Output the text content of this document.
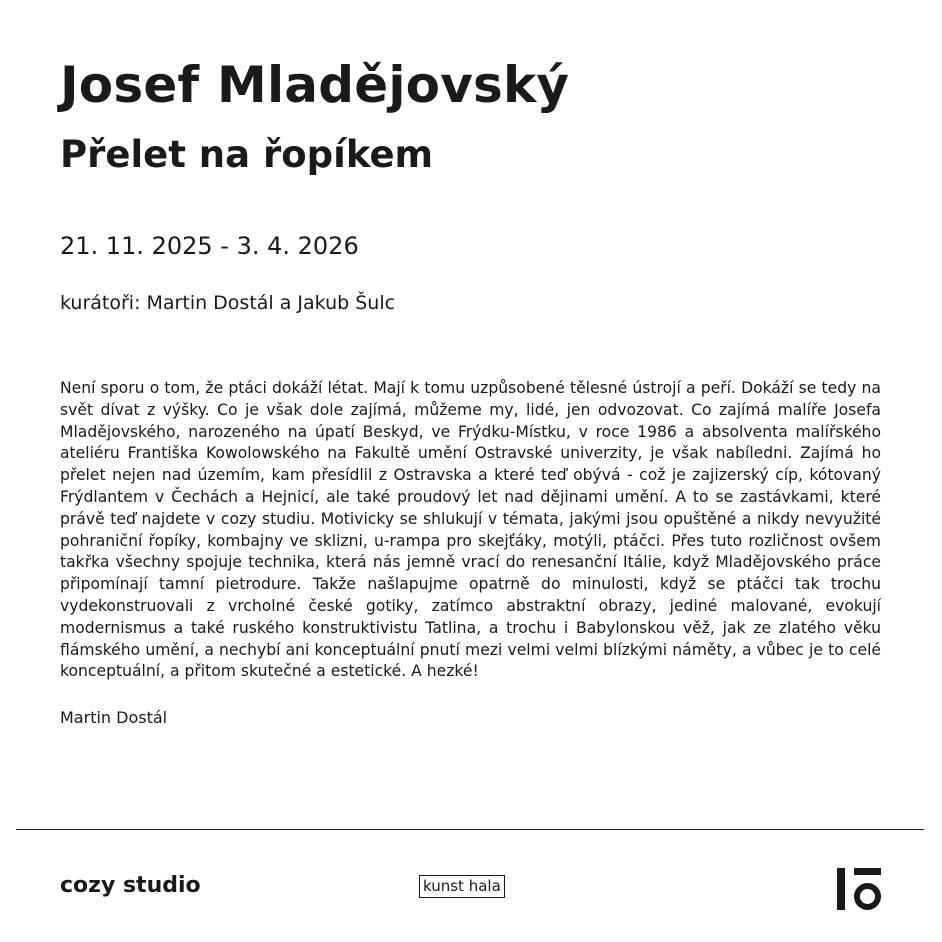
Josef Mladějovský
Přelet na řopíkem
21. 11. 2025 - 3. 4. 2026
kurátoři: Martin Dostál a Jakub Šulc

Není sporu o tom, že ptáci dokáží létat. Mají k tomu uzpůsobené tělesné ústrojí a peří. Dokáží se tedy na svět dívat z výšky. Co je však dole zajímá, můžeme my, lidé, jen odvozovat. Co zajímá malíře Josefa Mladějovského, narozeného na úpatí Beskyd, ve Frýdku-Místku, v roce 1986 a absolventa malířského ateliéru Františka Kowolowského na Fakultě umění Ostravské univerzity, je však nabíledni. Zajímá ho přelet nejen nad územím, kam přesídlil z Ostravska a které teď obývá - což je zajizerský cíp, kótovaný Frýdlantem v Čechách a Hejnicí, ale také proudový let nad dějinami umění. A to se zastávkami, které právě teď najdete v cozy studiu. Motivicky se shlukují v témata, jakými jsou opuštěné a nikdy nevyužité pohraniční řopíky, kombajny ve sklizni, u-rampa pro skejťáky, motýli, ptáčci. Přes tuto rozličnost ovšem takřka všechny spojuje technika, která nás jemně vrací do renesanční Itálie, když Mladějovského práce připomínají tamní pietrodure. Takže našlapujme opatrně do minulosti, když se ptáčci tak trochu vydekonstruovali z vrcholné české gotiky, zatímco abstraktní obrazy, jediné malované, evokují modernismus a také ruského konstruktivistu Tatlina, a trochu i Babylonskou věž, jak ze zlatého věku flámského umění, a nechybí ani konceptuální pnutí mezi velmi velmi blízkými náměty, a vůbec je to celé konceptuální, a přitom skutečné a estetické. A hezké!

Martin Dostál
cozy studio	kunst hala
